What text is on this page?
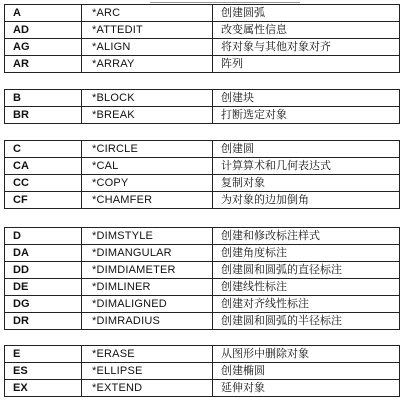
A	*ARC	创建圆弧
AD	*ATTEDIT	改变属性信息
AG	*ALIGN	将对象与其他对象对齐
AR	*ARRAY	阵列
B	*BLOCK	创建块
BR	*BREAK	打断选定对象
C	*CIRCLE	创建圆
CA	*CAL	计算算术和几何表达式
CC	*COPY	复制对象
CF	*CHAMFER	为对象的边加倒角
D	*DIMSTYLE	创建和修改标注样式
DA	*DIMANGULAR	创建角度标注
DD	*DIMDIAMETER	创建圆和圆弧的直径标注
DE	*DIMLINER	创建线性标注
DG	*DIMALIGNED	创建对齐线性标注
DR	*DIMRADIUS	创建圆和圆弧的半径标注
E	*ERASE	从图形中删除对象
ES	*ELLIPSE	创建椭圆
EX	*EXTEND	延伸对象
